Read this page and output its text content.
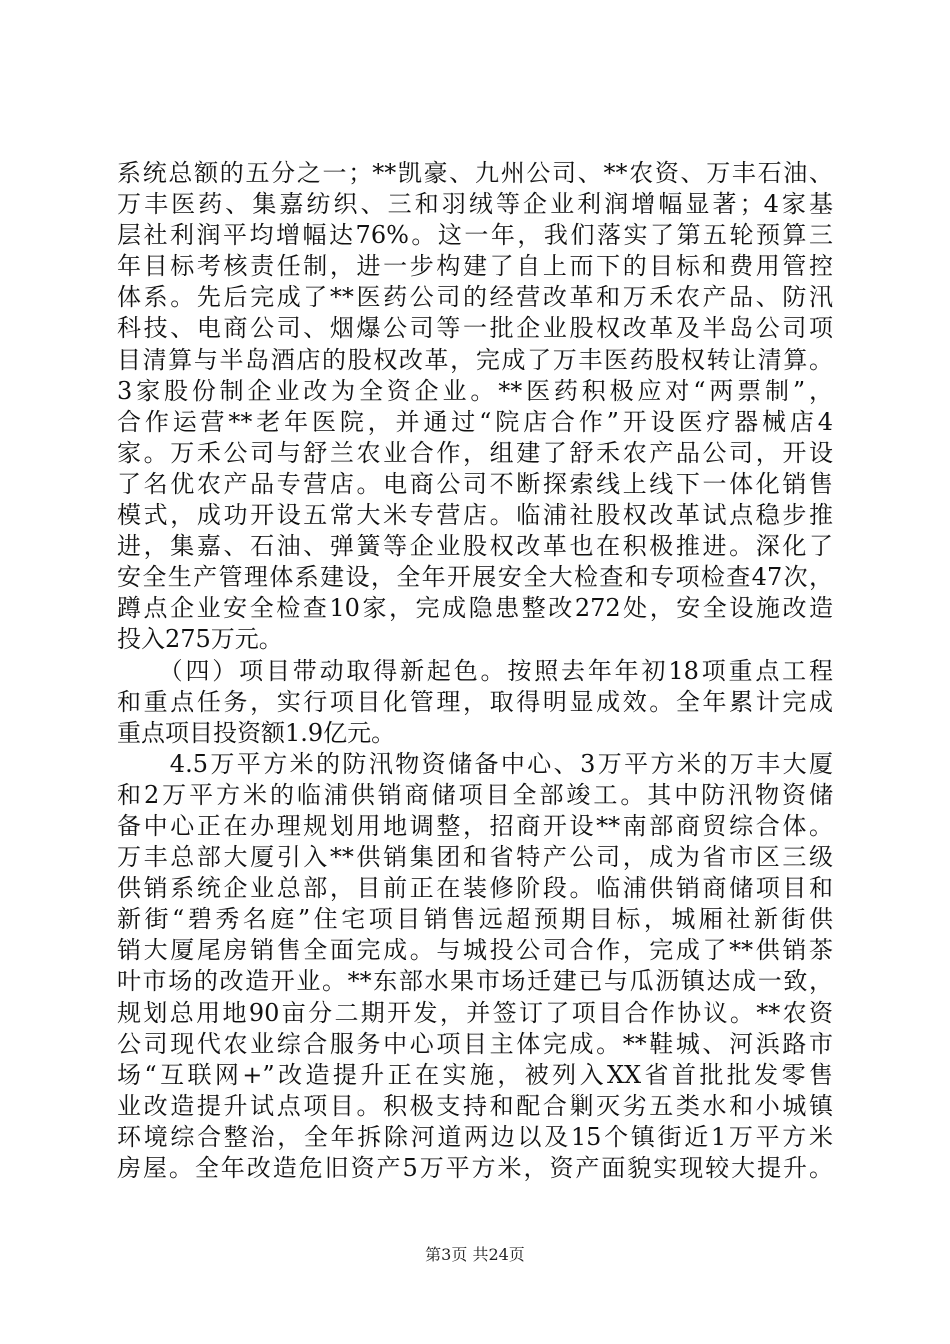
系统总额的五分之一；**凯豪、九州公司、**农资、万丰石油、
万丰医药、集嘉纺织、三和羽绒等企业利润增幅显著；4家基
层社利润平均增幅达76%。这一年，我们落实了第五轮预算三
年目标考核责任制，进一步构建了自上而下的目标和费用管控
体系。先后完成了**医药公司的经营改革和万禾农产品、防汛
科技、电商公司、烟爆公司等一批企业股权改革及半岛公司项
目清算与半岛酒店的股权改革，完成了万丰医药股权转让清算。
3家股份制企业改为全资企业。**医药积极应对“两票制”，
合作运营**老年医院，并通过“院店合作”开设医疗器械店4
家。万禾公司与舒兰农业合作，组建了舒禾农产品公司，开设
了名优农产品专营店。电商公司不断探索线上线下一体化销售
模式，成功开设五常大米专营店。临浦社股权改革试点稳步推
进，集嘉、石油、弹簧等企业股权改革也在积极推进。深化了
安全生产管理体系建设，全年开展安全大检查和专项检查47次，
蹲点企业安全检查10家，完成隐患整改272处，安全设施改造
投入275万元。
　　（四）项目带动取得新起色。按照去年年初18项重点工程
和重点任务，实行项目化管理，取得明显成效。全年累计完成
重点项目投资额1.9亿元。
　　4.5万平方米的防汛物资储备中心、3万平方米的万丰大厦
和2万平方米的临浦供销商储项目全部竣工。其中防汛物资储
备中心正在办理规划用地调整，招商开设**南部商贸综合体。
万丰总部大厦引入**供销集团和省特产公司，成为省市区三级
供销系统企业总部，目前正在装修阶段。临浦供销商储项目和
新街“碧秀名庭”住宅项目销售远超预期目标，城厢社新街供
销大厦尾房销售全面完成。与城投公司合作，完成了**供销茶
叶市场的改造开业。**东部水果市场迁建已与瓜沥镇达成一致，
规划总用地90亩分二期开发，并签订了项目合作协议。**农资
公司现代农业综合服务中心项目主体完成。**鞋城、河浜路市
场“互联网+”改造提升正在实施，被列入XX省首批批发零售
业改造提升试点项目。积极支持和配合剿灭劣五类水和小城镇
环境综合整治，全年拆除河道两边以及15个镇街近1万平方米
房屋。全年改造危旧资产5万平方米，资产面貌实现较大提升。
第3页 共24页
